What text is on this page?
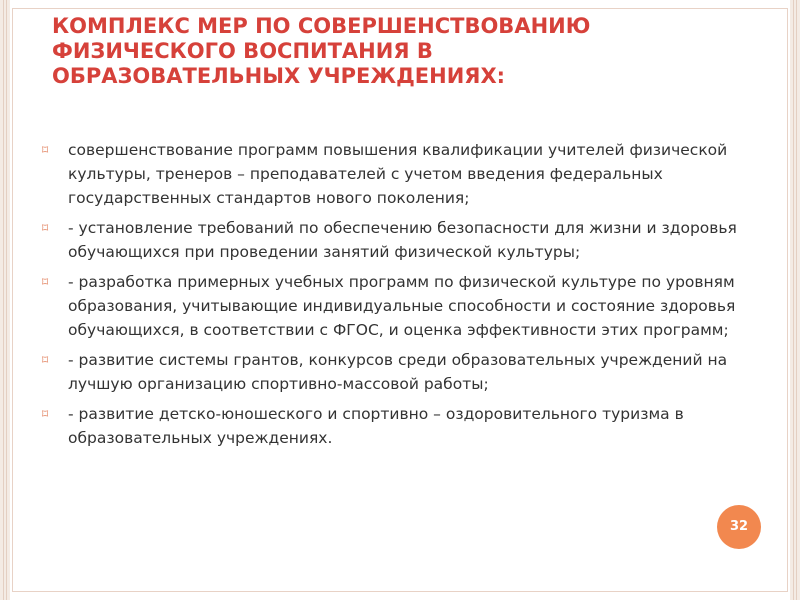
КОМПЛЕКС МЕР ПО СОВЕРШЕНСТВОВАНИЮ
ФИЗИЧЕСКОГО ВОСПИТАНИЯ В
ОБРАЗОВАТЕЛЬНЫХ УЧРЕЖДЕНИЯХ:
⌑ совершенствование программ повышения квалификации учителей физической культуры, тренеров – преподавателей с учетом введения федеральных государственных стандартов нового поколения;
⌑ - установление требований по обеспечению безопасности для жизни и здоровья обучающихся при проведении занятий физической культуры;
⌑ - разработка примерных учебных программ по физической культуре по уровням образования, учитывающие индивидуальные способности и состояние здоровья обучающихся, в соответствии с ФГОС, и оценка эффективности этих программ;
⌑ - развитие системы грантов, конкурсов среди образовательных учреждений на лучшую организацию спортивно-массовой работы;
⌑ - развитие детско-юношеского и спортивно – оздоровительного туризма в образовательных учреждениях.
32
